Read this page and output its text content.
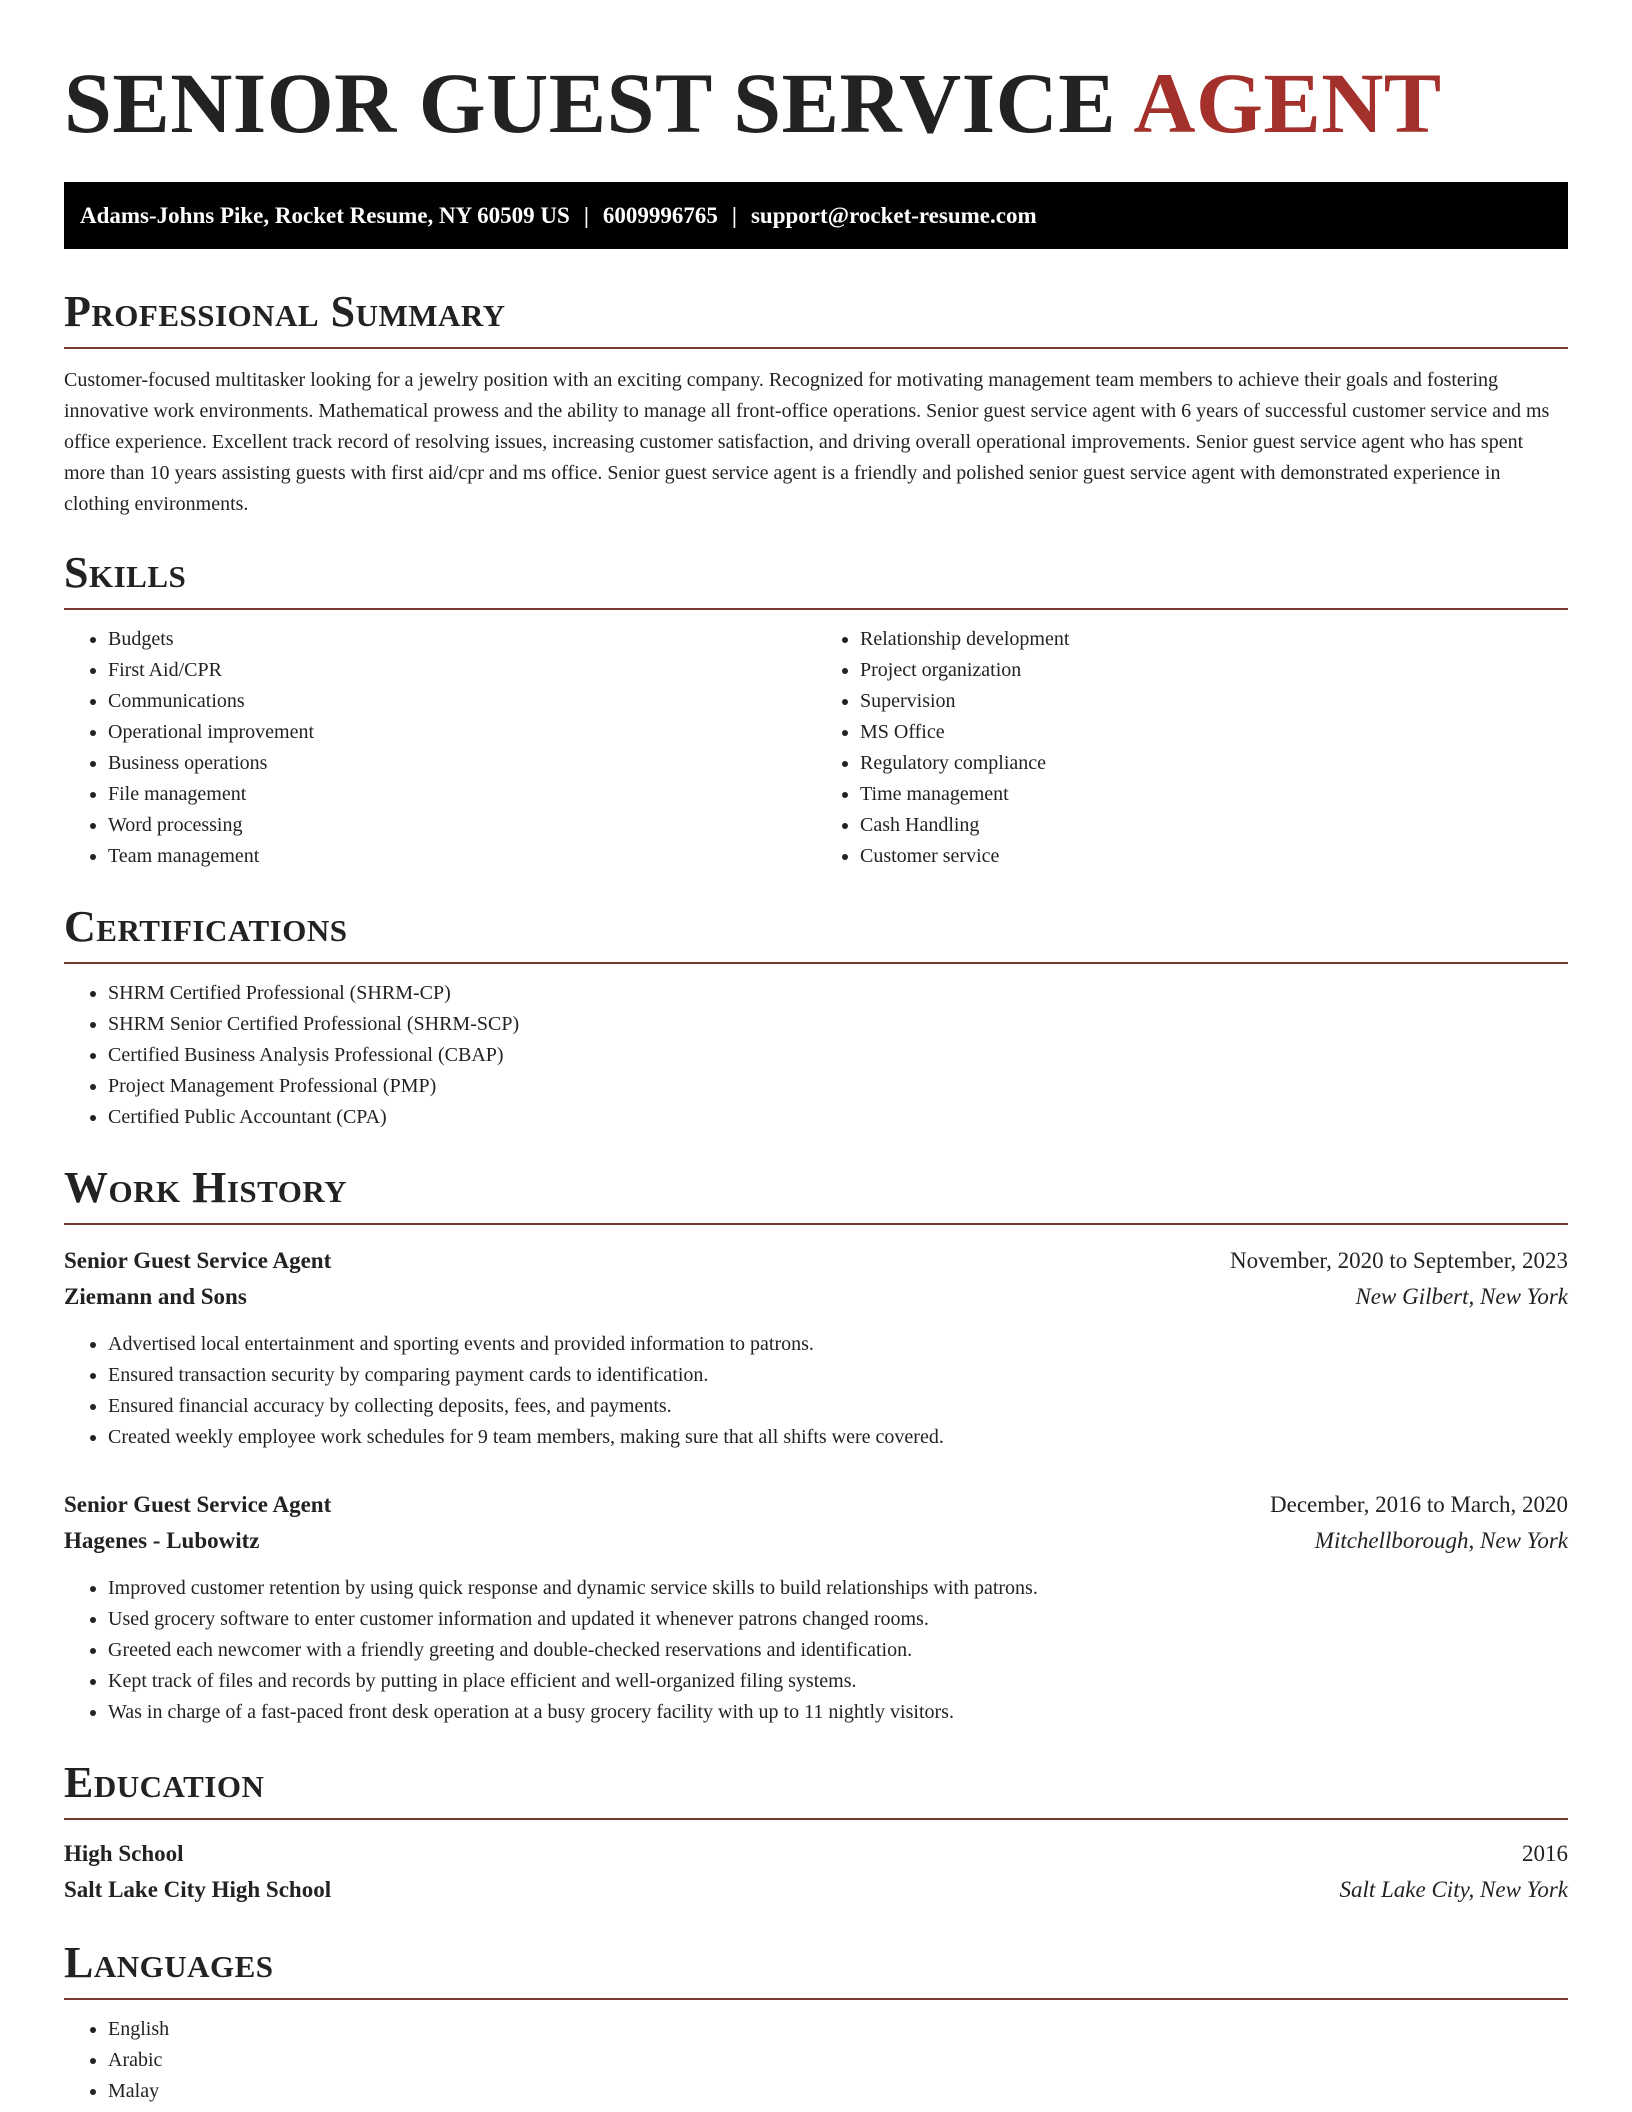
SENIOR GUEST SERVICE AGENT
Adams-Johns Pike, Rocket Resume, NY 60509 US | 6009996765 | support@rocket-resume.com
Professional Summary

Customer-focused multitasker looking for a jewelry position with an exciting company. Recognized for motivating management team members to achieve their goals and fostering innovative work environments. Mathematical prowess and the ability to manage all front-office operations. Senior guest service agent with 6 years of successful customer service and ms office experience. Excellent track record of resolving issues, increasing customer satisfaction, and driving overall operational improvements. Senior guest service agent who has spent more than 10 years assisting guests with first aid/cpr and ms office. Senior guest service agent is a friendly and polished senior guest service agent with demonstrated experience in clothing environments.

Skills
• Budgets
• First Aid/CPR
• Communications
• Operational improvement
• Business operations
• File management
• Word processing
• Team management
• Relationship development
• Project organization
• Supervision
• MS Office
• Regulatory compliance
• Time management
• Cash Handling
• Customer service
Certifications
• SHRM Certified Professional (SHRM-CP)
• SHRM Senior Certified Professional (SHRM-SCP)
• Certified Business Analysis Professional (CBAP)
• Project Management Professional (PMP)
• Certified Public Accountant (CPA)
Work History
Senior Guest Service Agent	November, 2020 to September, 2023
Ziemann and Sons	New Gilbert, New York
• Advertised local entertainment and sporting events and provided information to patrons.
• Ensured transaction security by comparing payment cards to identification.
• Ensured financial accuracy by collecting deposits, fees, and payments.
• Created weekly employee work schedules for 9 team members, making sure that all shifts were covered.
Senior Guest Service Agent	December, 2016 to March, 2020
Hagenes - Lubowitz	Mitchellborough, New York
• Improved customer retention by using quick response and dynamic service skills to build relationships with patrons.
• Used grocery software to enter customer information and updated it whenever patrons changed rooms.
• Greeted each newcomer with a friendly greeting and double-checked reservations and identification.
• Kept track of files and records by putting in place efficient and well-organized filing systems.
• Was in charge of a fast-paced front desk operation at a busy grocery facility with up to 11 nightly visitors.
Education
High School	2016
Salt Lake City High School	Salt Lake City, New York
Languages
• English
• Arabic
• Malay
